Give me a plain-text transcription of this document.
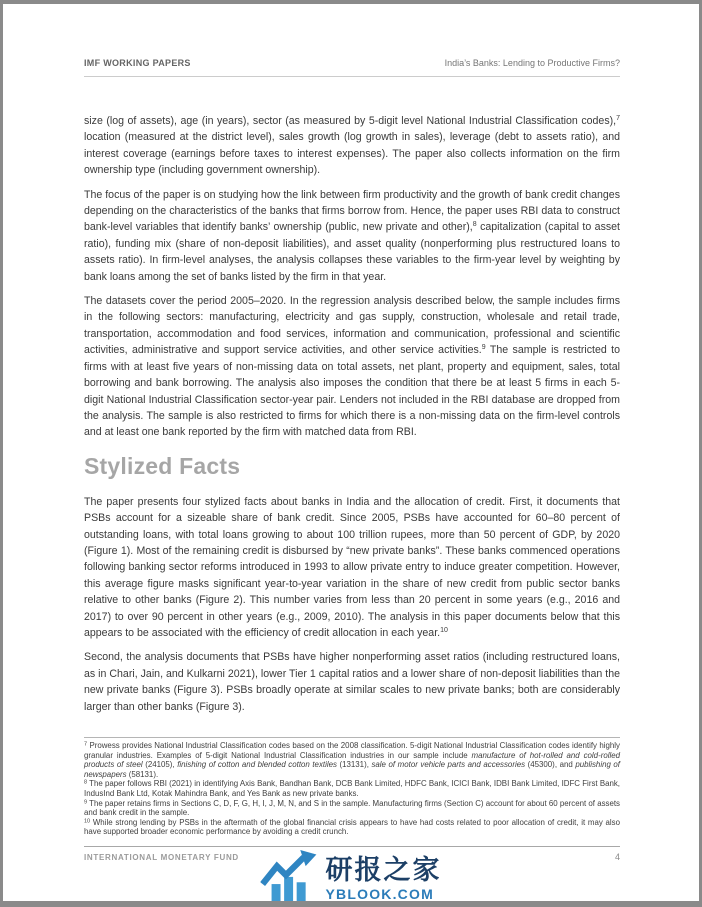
IMF WORKING PAPERS	India’s Banks: Lending to Productive Firms?

size (log of assets), age (in years), sector (as measured by 5-digit level National Industrial Classification codes),$^7$ location (measured at the district level), sales growth (log growth in sales), leverage (debt to assets ratio), and interest coverage (earnings before taxes to interest expenses). The paper also collects information on the firm ownership type (including government ownership).

The focus of the paper is on studying how the link between firm productivity and the growth of bank credit changes depending on the characteristics of the banks that firms borrow from. Hence, the paper uses RBI data to construct bank-level variables that identify banks’ ownership (public, new private and other),$^8$ capitalization (capital to asset ratio), funding mix (share of non-deposit liabilities), and asset quality (nonperforming plus restructured loans to assets ratio). In firm-level analyses, the analysis collapses these variables to the firm-year level by weighting by bank loans among the set of banks listed by the firm in that year.

The datasets cover the period 2005–2020. In the regression analysis described below, the sample includes firms in the following sectors: manufacturing, electricity and gas supply, construction, wholesale and retail trade, transportation, accommodation and food services, information and communication, professional and scientific activities, administrative and support service activities, and other service activities.$^9$ The sample is restricted to firms with at least five years of non-missing data on total assets, net plant, property and equipment, sales, total borrowing and bank borrowing. The analysis also imposes the condition that there be at least 5 firms in each 5-digit National Industrial Classification sector-year pair. Lenders not included in the RBI database are dropped from the analysis. The sample is also restricted to firms for which there is a non-missing data on the firm-level controls and at least one bank reported by the firm with matched data from RBI.

Stylized Facts

The paper presents four stylized facts about banks in India and the allocation of credit. First, it documents that PSBs account for a sizeable share of bank credit. Since 2005, PSBs have accounted for 60–80 percent of outstanding loans, with total loans growing to about 100 trillion rupees, more than 50 percent of GDP, by 2020 (Figure 1). Most of the remaining credit is disbursed by “new private banks”. These banks commenced operations following banking sector reforms introduced in 1993 to allow private entry to induce greater competition. However, this average figure masks significant year-to-year variation in the share of new credit from public sector banks relative to other banks (Figure 2). This number varies from less than 20 percent in some years (e.g., 2016 and 2017) to over 90 percent in other years (e.g., 2009, 2010). The analysis in this paper documents below that this appears to be associated with the efficiency of credit allocation in each year.$^{10}$

Second, the analysis documents that PSBs have higher nonperforming asset ratios (including restructured loans, as in Chari, Jain, and Kulkarni 2021), lower Tier 1 capital ratios and a lower share of non-deposit liabilities than the new private banks (Figure 3). PSBs broadly operate at similar scales to new private banks; both are considerably larger than other banks (Figure 3).

$^7$ Prowess provides National Industrial Classification codes based on the 2008 classification. 5-digit National Industrial Classification codes identify highly granular industries. Examples of 5-digit National Industrial Classification industries in our sample include manufacture of hot-rolled and cold-rolled products of steel (24105), finishing of cotton and blended cotton textiles (13131), sale of motor vehicle parts and accessories (45300), and publishing of newspapers (58131).

$^8$ The paper follows RBI (2021) in identifying Axis Bank, Bandhan Bank, DCB Bank Limited, HDFC Bank, ICICI Bank, IDBI Bank Limited, IDFC First Bank, IndusInd Bank Ltd, Kotak Mahindra Bank, and Yes Bank as new private banks.

$^9$ The paper retains firms in Sections C, D, F, G, H, I, J, M, N, and S in the sample. Manufacturing firms (Section C) account for about 60 percent of assets and bank credit in the sample.

$^{10}$ While strong lending by PSBs in the aftermath of the global financial crisis appears to have had costs related to poor allocation of credit, it may also have supported broader economic performance by avoiding a credit crunch.

INTERNATIONAL MONETARY FUND	4
研报之家
YBLOOK.COM
